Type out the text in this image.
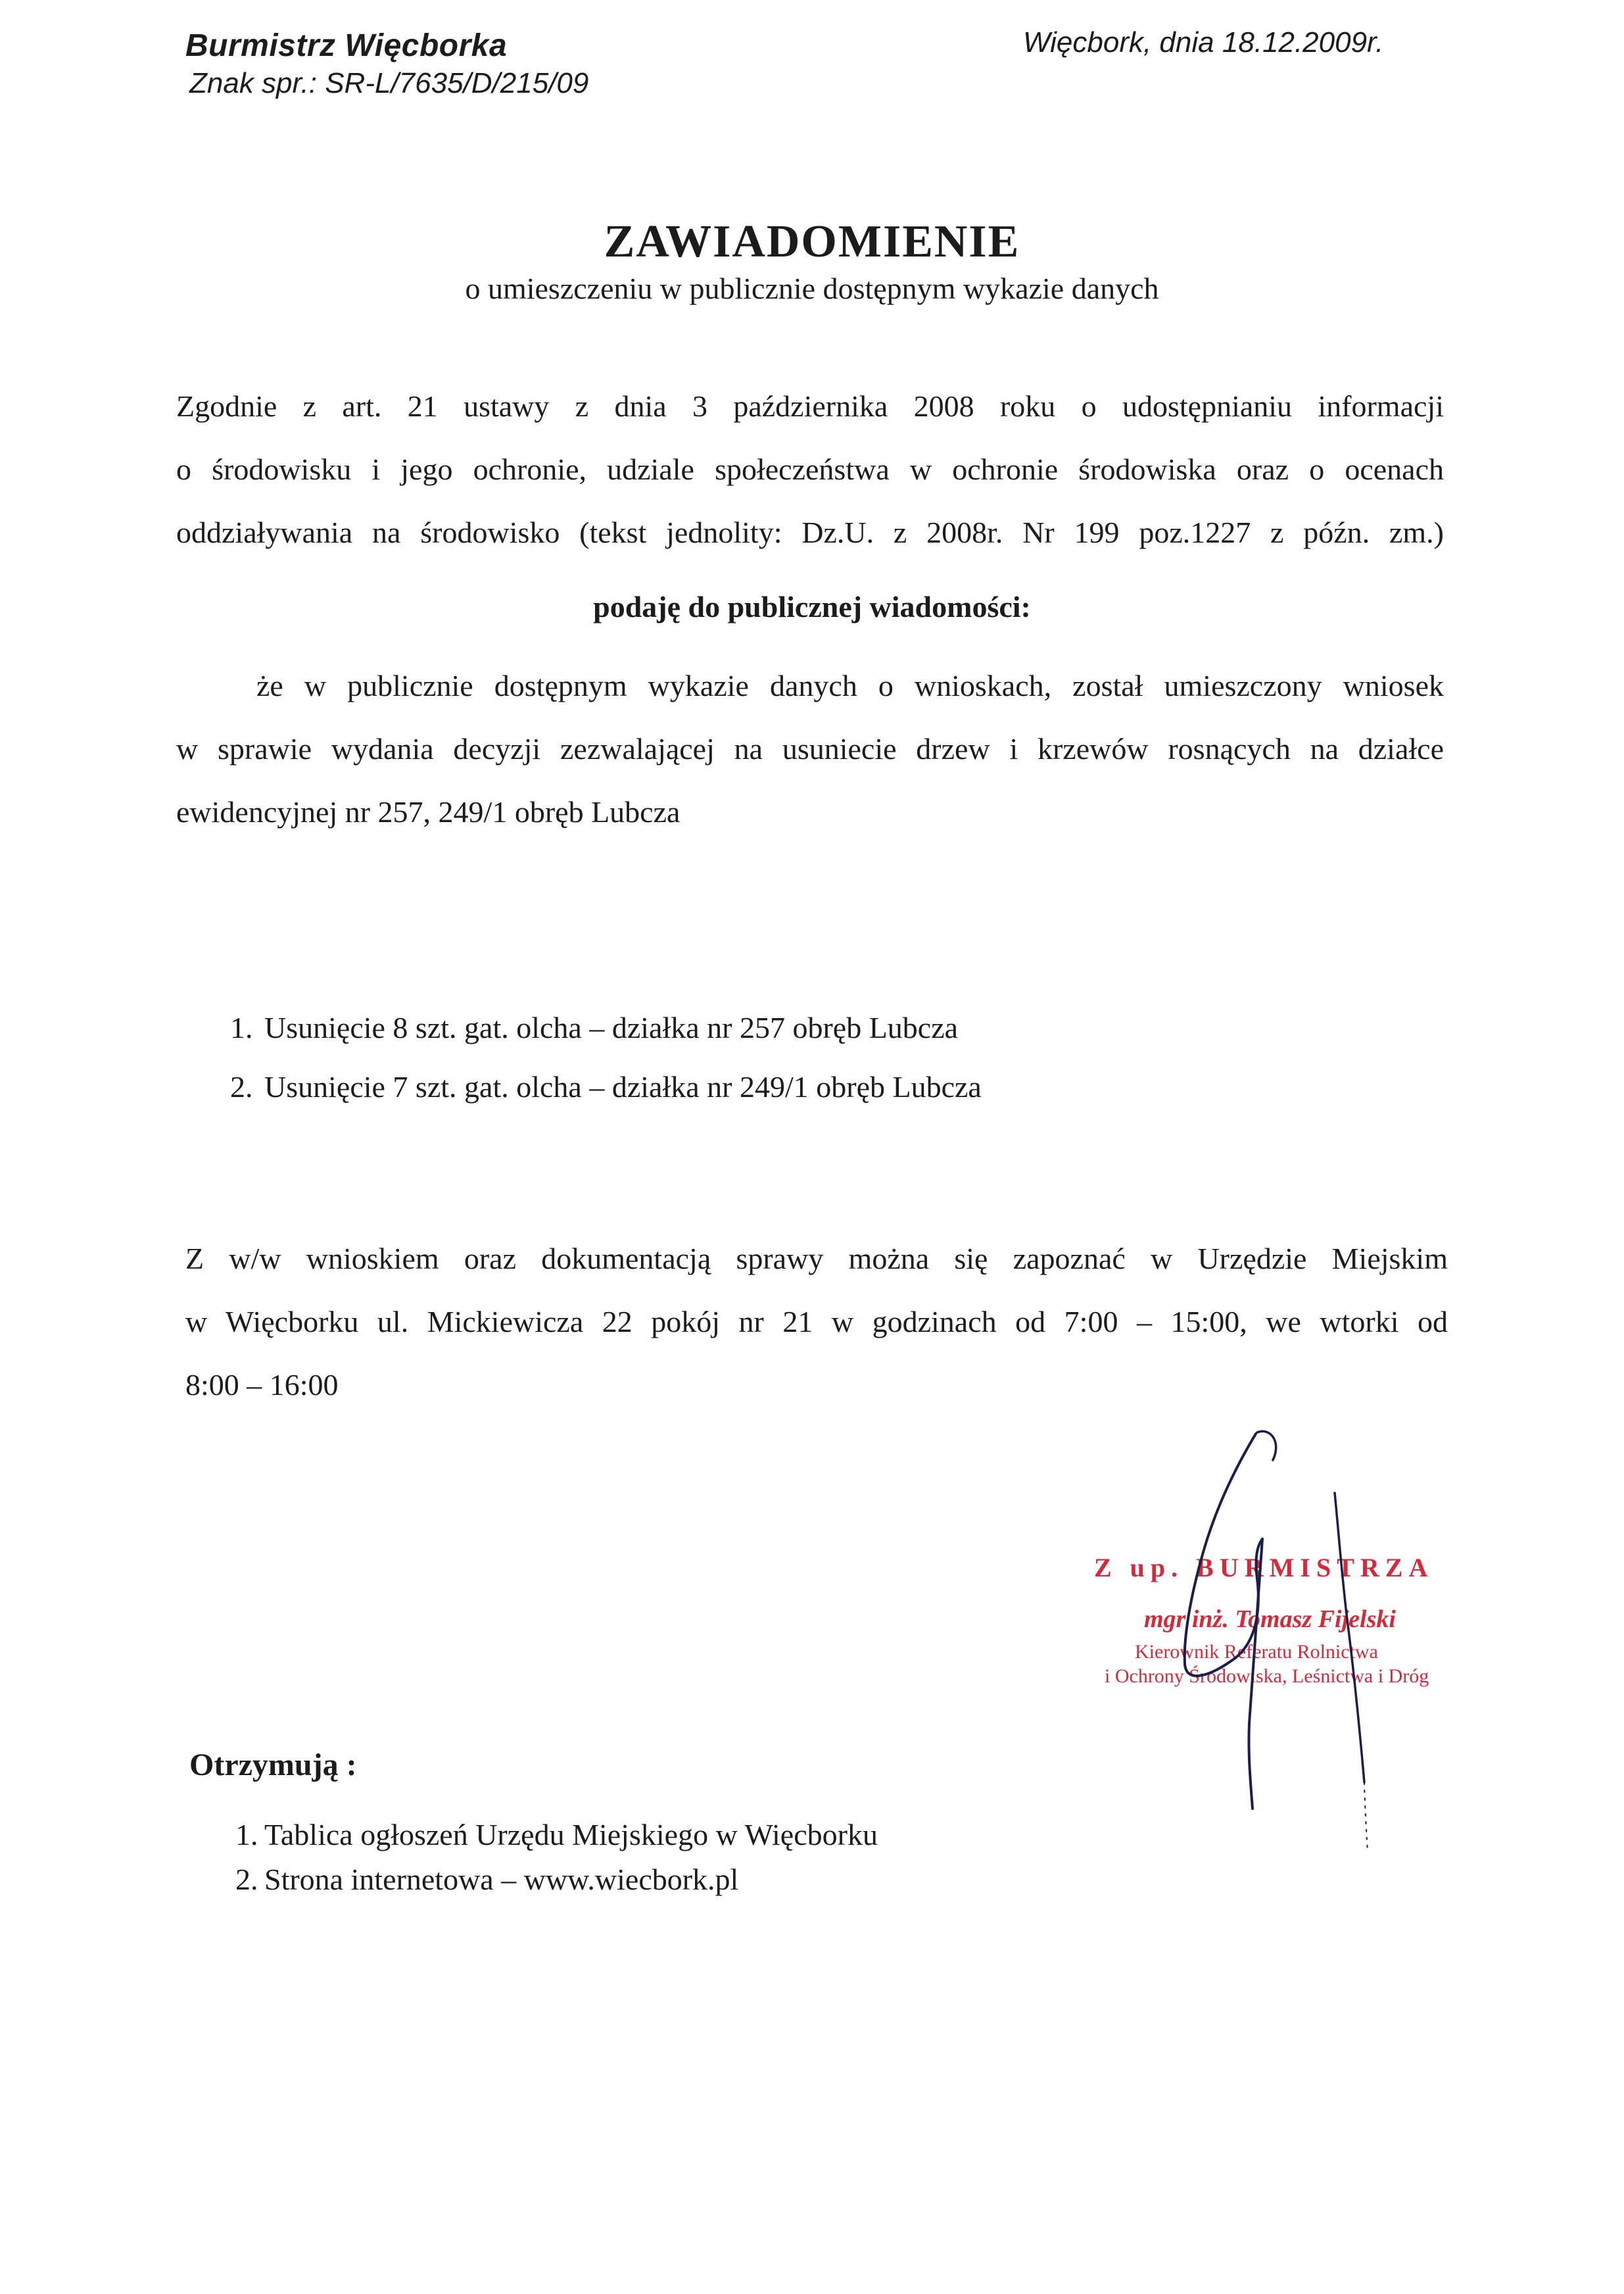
Burmistrz Więcborka
Znak spr.: SR-L/7635/D/215/09
Więcbork, dnia 18.12.2009r.
ZAWIADOMIENIE
o umieszczeniu w publicznie dostępnym wykazie danych
Zgodnie z art. 21 ustawy z dnia 3 października 2008 roku o udostępnianiu informacji
o środowisku i jego ochronie, udziale społeczeństwa w ochronie środowiska oraz o ocenach
oddziaływania na środowisko (tekst jednolity: Dz.U. z 2008r. Nr 199 poz.1227 z późn. zm.)
podaję do publicznej wiadomości:
że w publicznie dostępnym wykazie danych o wnioskach, został umieszczony wniosek
w sprawie wydania decyzji zezwalającej na usuniecie drzew i krzewów rosnących na działce
ewidencyjnej nr 257, 249/1 obręb Lubcza
1. Usunięcie 8 szt. gat. olcha – działka nr 257 obręb Lubcza
2. Usunięcie 7 szt. gat. olcha – działka nr 249/1 obręb Lubcza
Z w/w wnioskiem oraz dokumentacją sprawy można się zapoznać w Urzędzie Miejskim
w Więcborku ul. Mickiewicza 22 pokój nr 21 w godzinach od 7:00 – 15:00, we wtorki od
8:00 – 16:00
Z up. BURMISTRZA
mgr inż. Tomasz Fijelski
Kierownik Referatu Rolnictwa
i Ochrony Środowiska, Leśnictwa i Dróg
Otrzymują :
1. Tablica ogłoszeń Urzędu Miejskiego w Więcborku
2. Strona internetowa – www.wiecbork.pl
